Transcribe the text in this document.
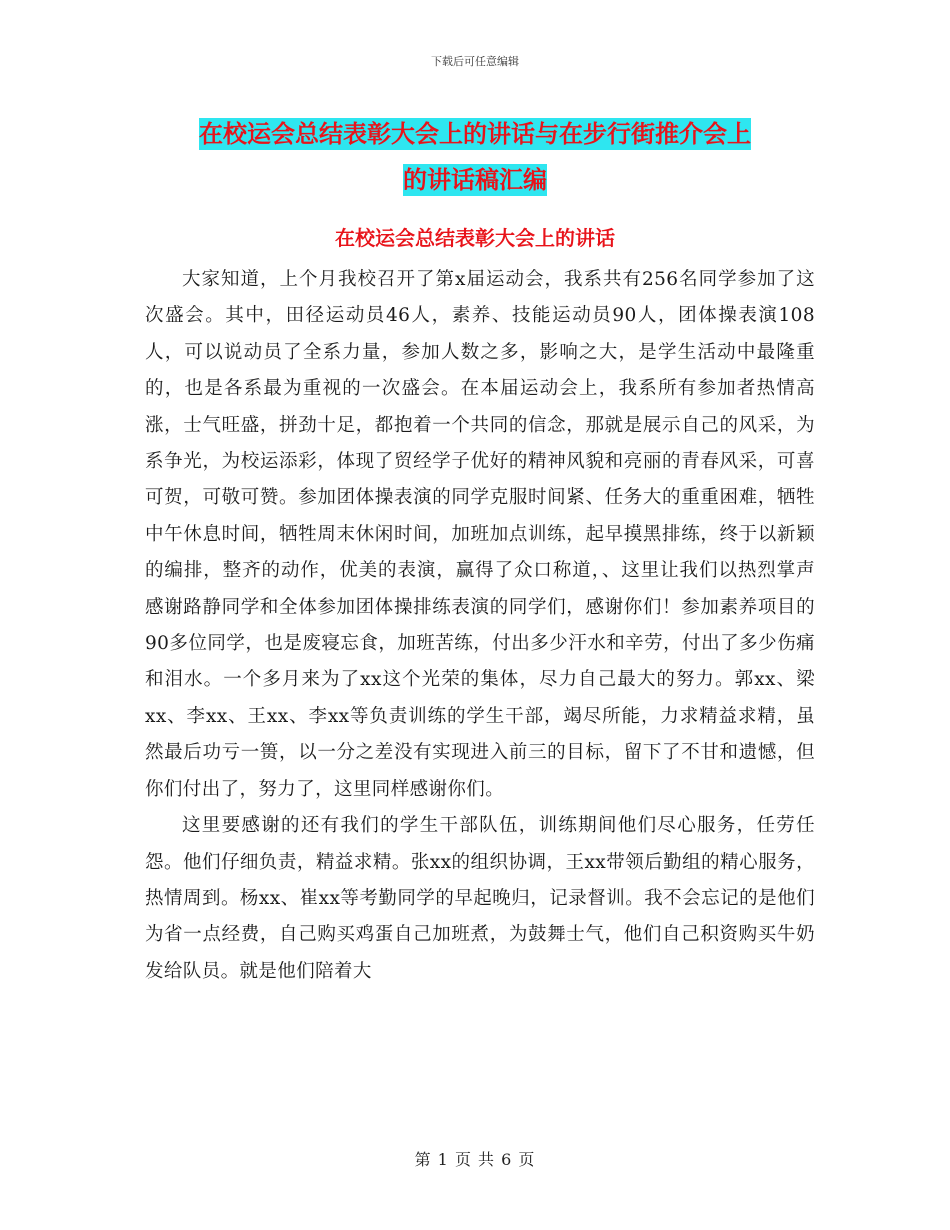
下载后可任意编辑
在校运会总结表彰大会上的讲话与在步行街推介会上
的讲话稿汇编
在校运会总结表彰大会上的讲话

大家知道，上个月我校召开了第x届运动会，我系共有256名同学参加了这次盛会。其中，田径运动员46人，素养、技能运动员90人，团体操表演108人，可以说动员了全系力量，参加人数之多，影响之大，是学生活动中最隆重的，也是各系最为重视的一次盛会。在本届运动会上，我系所有参加者热情高涨，士气旺盛，拼劲十足，都抱着一个共同的信念，那就是展示自己的风采，为系争光，为校运添彩，体现了贸经学子优好的精神风貌和亮丽的青春风采，可喜可贺，可敬可赞。参加团体操表演的同学克服时间紧、任务大的重重困难，牺牲中午休息时间，牺牲周末休闲时间，加班加点训练，起早摸黑排练，终于以新颖的编排，整齐的动作，优美的表演，赢得了众口称道，、这里让我们以热烈掌声感谢路静同学和全体参加团体操排练表演的同学们，感谢你们！参加素养项目的90多位同学，也是废寝忘食，加班苦练，付出多少汗水和辛劳，付出了多少伤痛和泪水。一个多月来为了xx这个光荣的集体，尽力自己最大的努力。郭xx、梁xx、李xx、王xx、李xx等负责训练的学生干部，竭尽所能，力求精益求精，虽然最后功亏一篑，以一分之差没有实现进入前三的目标，留下了不甘和遗憾，但你们付出了，努力了，这里同样感谢你们。

这里要感谢的还有我们的学生干部队伍，训练期间他们尽心服务，任劳任怨。他们仔细负责，精益求精。张xx的组织协调，王xx带领后勤组的精心服务，热情周到。杨xx、崔xx等考勤同学的早起晚归，记录督训。我不会忘记的是他们为省一点经费，自己购买鸡蛋自己加班煮，为鼓舞士气，他们自己积资购买牛奶发给队员。就是他们陪着大

第 1 页 共 6 页
